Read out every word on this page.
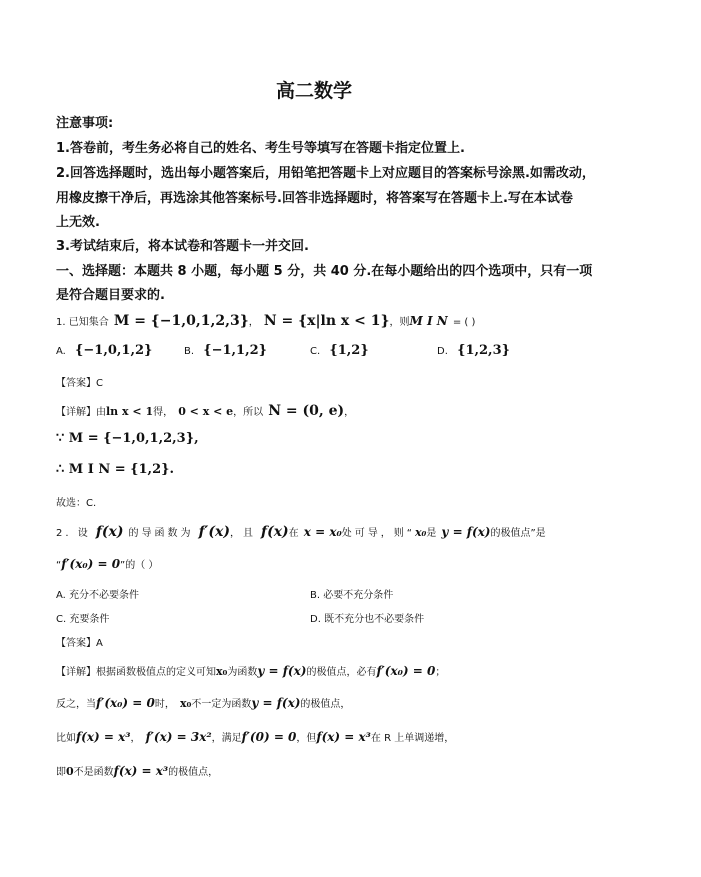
高二数学
注意事项:
1.答卷前，考生务必将自己的姓名、考生号等填写在答题卡指定位置上.
2.回答选择题时，选出每小题答案后，用铅笔把答题卡上对应题目的答案标号涂黑.如需改动，
用橡皮擦干净后，再选涂其他答案标号.回答非选择题时，将答案写在答题卡上.写在本试卷
上无效.
3.考试结束后，将本试卷和答题卡一并交回.
一、选择题：本题共 8 小题，每小题 5 分，共 40 分.在每小题给出的四个选项中，只有一项
是符合题目要求的.
1. 已知集合 M = {−1,0,1,2,3}， N = {x|ln x < 1}，则M I N = ( )
A. {−1,0,1,2}	B. {−1,1,2}	C. {1,2}	D. {1,2,3}
【答案】C
【详解】由ln x < 1得， 0 < x < e，所以 N = (0, e)，
∵ M = {−1,0,1,2,3},
∴ M I N = {1,2}.
故选：C.
2. 设 f(x) 的导函数为 f′(x)，且 f(x)在 x = x₀处可导，则“x₀是 y = f(x)的极值点”是
“f′(x₀) = 0”的（ ）
A. 充分不必要条件	B. 必要不充分条件
C. 充要条件	D. 既不充分也不必要条件
【答案】A
【详解】根据函数极值点的定义可知x₀为函数y = f(x)的极值点，必有f′(x₀) = 0；
反之，当f′(x₀) = 0时， x₀不一定为函数y = f(x)的极值点，
比如f(x) = x³， f′(x) = 3x²，满足f′(0) = 0，但f(x) = x³在 R 上单调递增，
即0不是函数f(x) = x³的极值点，
